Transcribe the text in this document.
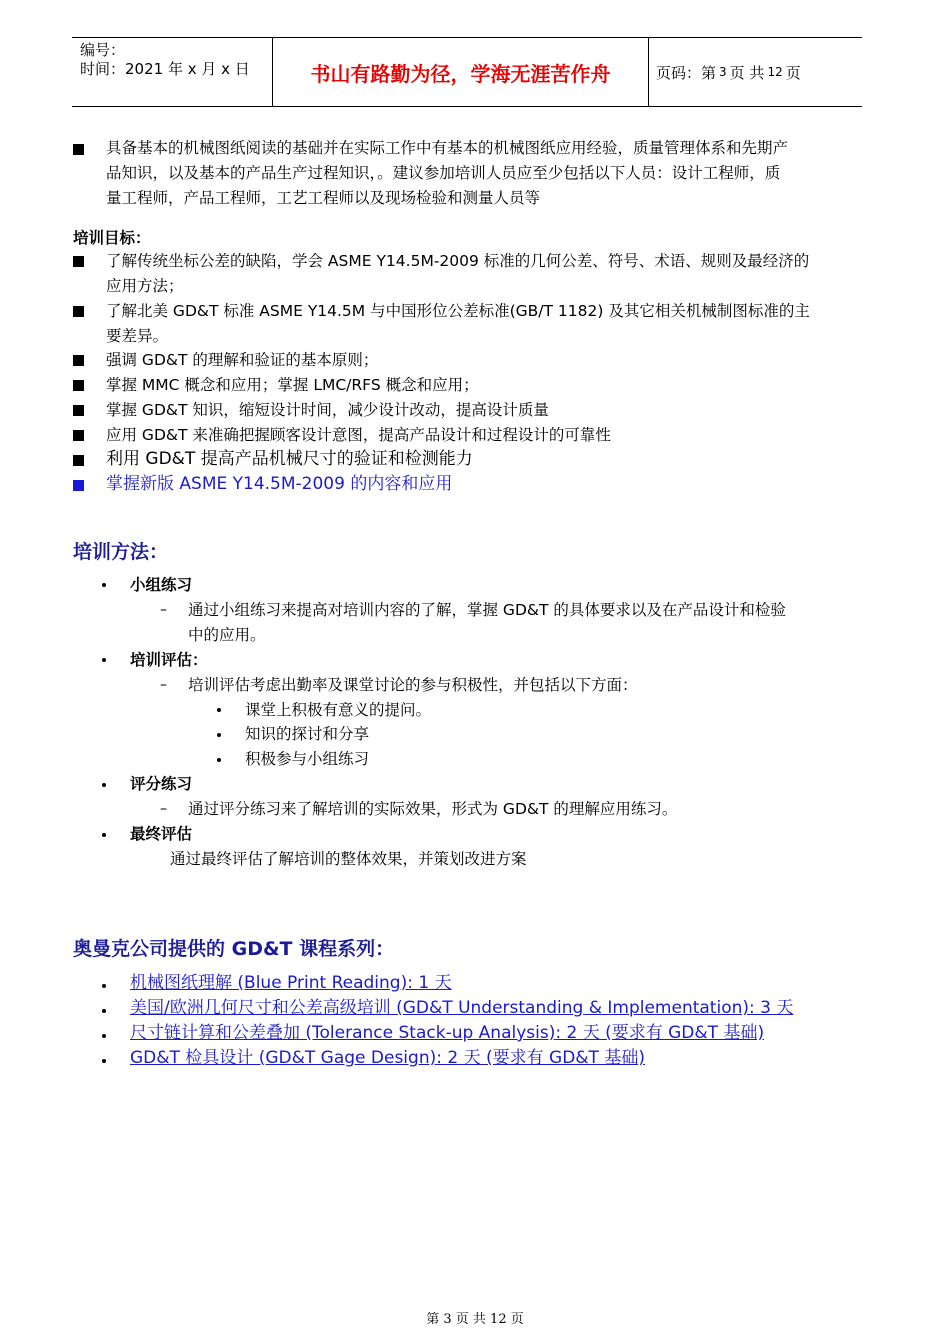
编号：
时间：2021 年 x 月 x 日	书山有路勤为径，学海无涯苦作舟	页码：第 3 页 共 12 页
具备基本的机械图纸阅读的基础并在实际工作中有基本的机械图纸应用经验，质量管理体系和先期产
品知识，以及基本的产品生产过程知识，。建议参加培训人员应至少包括以下人员：设计工程师，质
量工程师，产品工程师，工艺工程师以及现场检验和测量人员等
培训目标：
了解传统坐标公差的缺陷，学会 ASME Y14.5M-2009 标准的几何公差、符号、术语、规则及最经济的
应用方法；
了解北美 GD&T 标准 ASME Y14.5M 与中国形位公差标准(GB/T 1182) 及其它相关机械制图标准的主
要差异。
强调 GD&T 的理解和验证的基本原则；
掌握 MMC 概念和应用；掌握 LMC/RFS 概念和应用；
掌握 GD&T 知识，缩短设计时间，减少设计改动，提高设计质量
应用 GD&T 来准确把握顾客设计意图，提高产品设计和过程设计的可靠性
利用 GD&T 提高产品机械尺寸的验证和检测能力
掌握新版 ASME Y14.5M-2009 的内容和应用
培训方法：
小组练习
– 通过小组练习来提高对培训内容的了解，掌握 GD&T 的具体要求以及在产品设计和检验
中的应用。
培训评估：
– 培训评估考虑出勤率及课堂讨论的参与积极性，并包括以下方面：
课堂上积极有意义的提问。
知识的探讨和分享
积极参与小组练习
评分练习
– 通过评分练习来了解培训的实际效果，形式为 GD&T 的理解应用练习。
最终评估
通过最终评估了解培训的整体效果，并策划改进方案
奥曼克公司提供的 GD&T 课程系列：
机械图纸理解 (Blue Print Reading): 1 天
美国/欧洲几何尺寸和公差高级培训 (GD&T Understanding & Implementation): 3 天
尺寸链计算和公差叠加 (Tolerance Stack-up Analysis): 2 天 (要求有 GD&T 基础)
GD&T 检具设计 (GD&T Gage Design): 2 天 (要求有 GD&T 基础)
第 3 页 共 12 页
